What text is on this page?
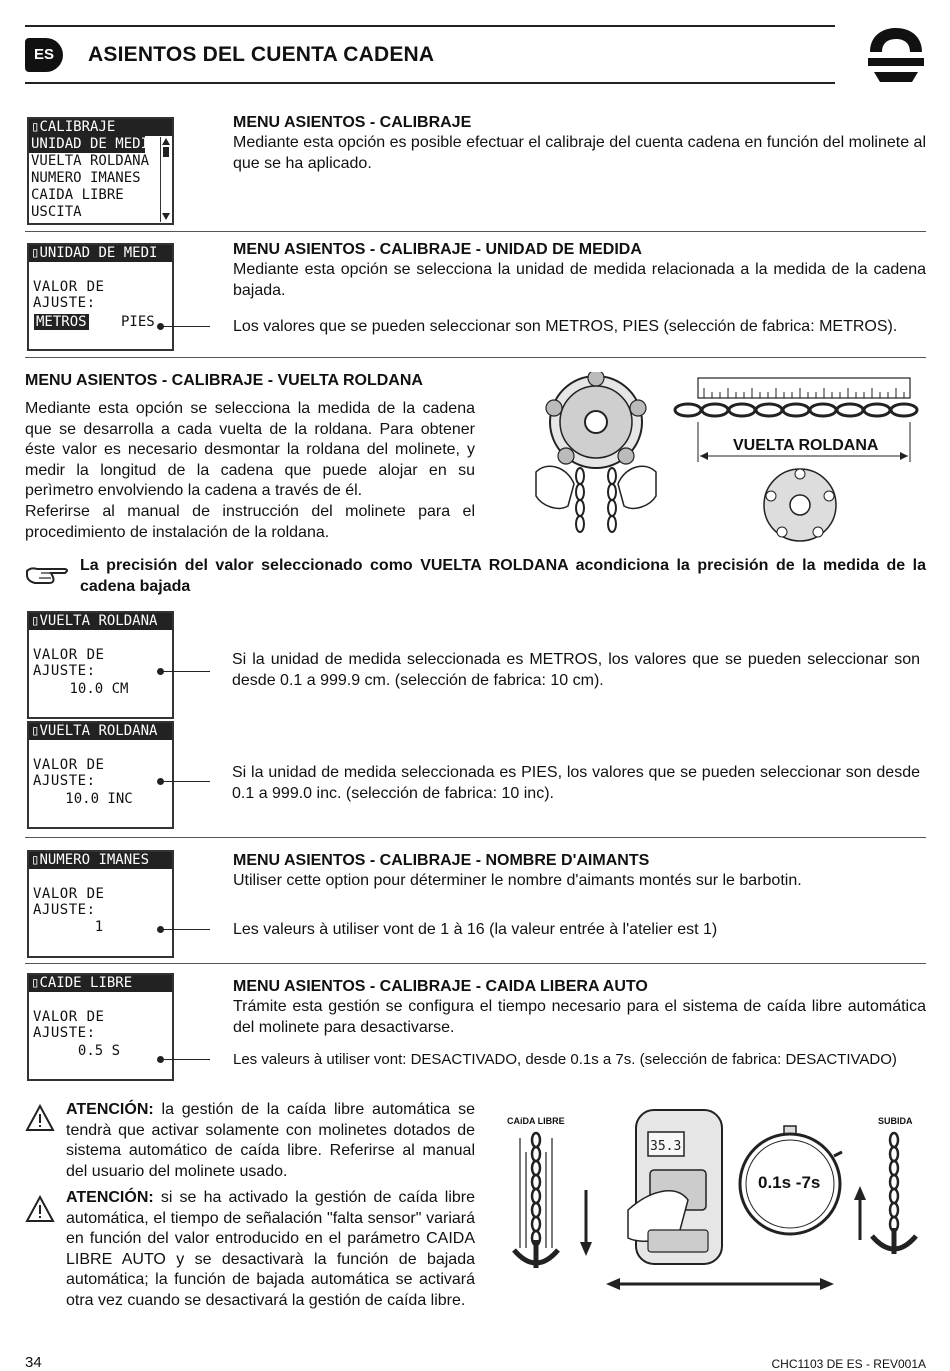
ES	ASIENTOS DEL CUENTA CADENA
▯CALIBRAJE
UNIDAD DE MEDI
VUELTA ROLDANA
NUMERO IMANES
CAIDA LIBRE
USCITA
MENU ASIENTOS - CALIBRAJE
Mediante esta opción es posible efectuar el calibraje del cuenta cadena en función del molinete al que se ha aplicado.
▯UNIDAD DE MEDI
VALOR DE AJUSTE:
METROS PIES
MENU ASIENTOS - CALIBRAJE - UNIDAD DE MEDIDA
Mediante esta opción se selecciona la unidad de medida relacionada a la medida de la cadena bajada.
Los valores que se pueden seleccionar son METROS, PIES (selección de fabrica: METROS).
MENU ASIENTOS - CALIBRAJE - VUELTA ROLDANA
Mediante esta opción se selecciona la medida de la cadena que se desarrolla a cada vuelta de la roldana. Para obtener éste valor es necesario desmontar la roldana del molinete, y medir la longitud de la cadena que puede alojar en su perìmetro envolviendo la cadena a través de él.
Referirse al manual de instrucción del molinete para el procedimiento de instalación de la roldana.
VUELTA ROLDANA
La precisión del valor seleccionado como VUELTA ROLDANA acondiciona la precisión de la medida de la cadena bajada
▯VUELTA ROLDANA
VALOR DE AJUSTE:
10.0 CM
Si la unidad de medida seleccionada es METROS, los valores que se pueden seleccionar son desde 0.1 a 999.9 cm. (selección de fabrica: 10 cm).
▯VUELTA ROLDANA
VALOR DE AJUSTE:
10.0 INC
Si la unidad de medida seleccionada es PIES, los valores que se pueden seleccionar son desde 0.1 a 999.0 inc. (selección de fabrica: 10 inc).
▯NUMERO IMANES
VALOR DE AJUSTE:
1
MENU ASIENTOS - CALIBRAJE - NOMBRE D'AIMANTS
Utiliser cette option pour déterminer le nombre d'aimants montés sur le barbotin.
Les valeurs à utiliser vont de 1 à 16 (la valeur entrée à l'atelier est 1)
▯CAIDE LIBRE
VALOR DE AJUSTE:
0.5 S
MENU ASIENTOS - CALIBRAJE - CAIDA LIBERA AUTO
Trámite esta gestión se configura el tiempo necesario para el sistema de caída libre automática del molinete para desactivarse.
Les valeurs à utiliser vont: DESACTIVADO, desde 0.1s a 7s. (selección de fabrica: DESACTIVADO)
ATENCIÓN: la gestión de la caída libre automática se tendrà que activar solamente con molinetes dotados de sistema automático de caída libre. Referirse al manual del usuario del molinete usado.
ATENCIÓN: si se ha activado la gestión de caída libre automática, el tiempo de señalación "falta sensor" variará en función del valor entroducido en el parámetro CAIDA LIBRE AUTO y se desactivarà la función de bajada automática; la función de bajada automática se activará otra vez cuando se desactivará la gestión de caída libre.
CAíDA LIBRE	SUBIDA
35.3
0.1s -7s
34	CHC1103 DE ES - REV001A
